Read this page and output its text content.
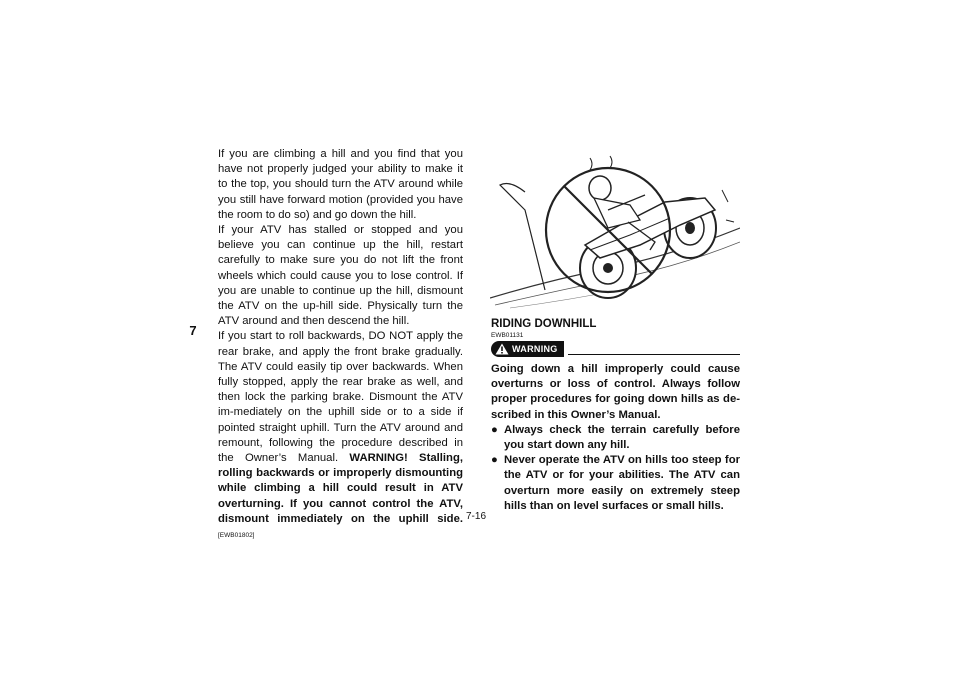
7

If you are climbing a hill and you find that you have not properly judged your ability to make it to the top, you should turn the ATV around while you still have forward motion (provided you have the room to do so) and go down the hill.

If your ATV has stalled or stopped and you believe you can continue up the hill, restart carefully to make sure you do not lift the front wheels which could cause you to lose control. If you are unable to continue up the hill, dismount the ATV on the up-hill side. Physically turn the ATV around and then descend the hill.

If you start to roll backwards, DO NOT apply the rear brake, and apply the front brake gradually. The ATV could easily tip over backwards. When fully stopped, apply the rear brake as well, and then lock the parking brake. Dismount the ATV im-mediately on the uphill side or to a side if pointed straight uphill. Turn the ATV around and remount, following the procedure described in the Owner’s Manual. WARNING! Stalling, rolling backwards or improperly dismounting while climbing a hill could result in ATV overturning. If you cannot control the ATV, dismount immediately on the uphill side. [EWB01802]

RIDING DOWNHILL
EWB01131
WARNING
Going down a hill improperly could cause overturns or loss of control. Always follow proper procedures for going down hills as de-scribed in this Owner’s Manual.
● Always check the terrain carefully before you start down any hill.
● Never operate the ATV on hills too steep for the ATV or for your abilities. The ATV can overturn more easily on extremely steep hills than on level surfaces or small hills.
7-16
